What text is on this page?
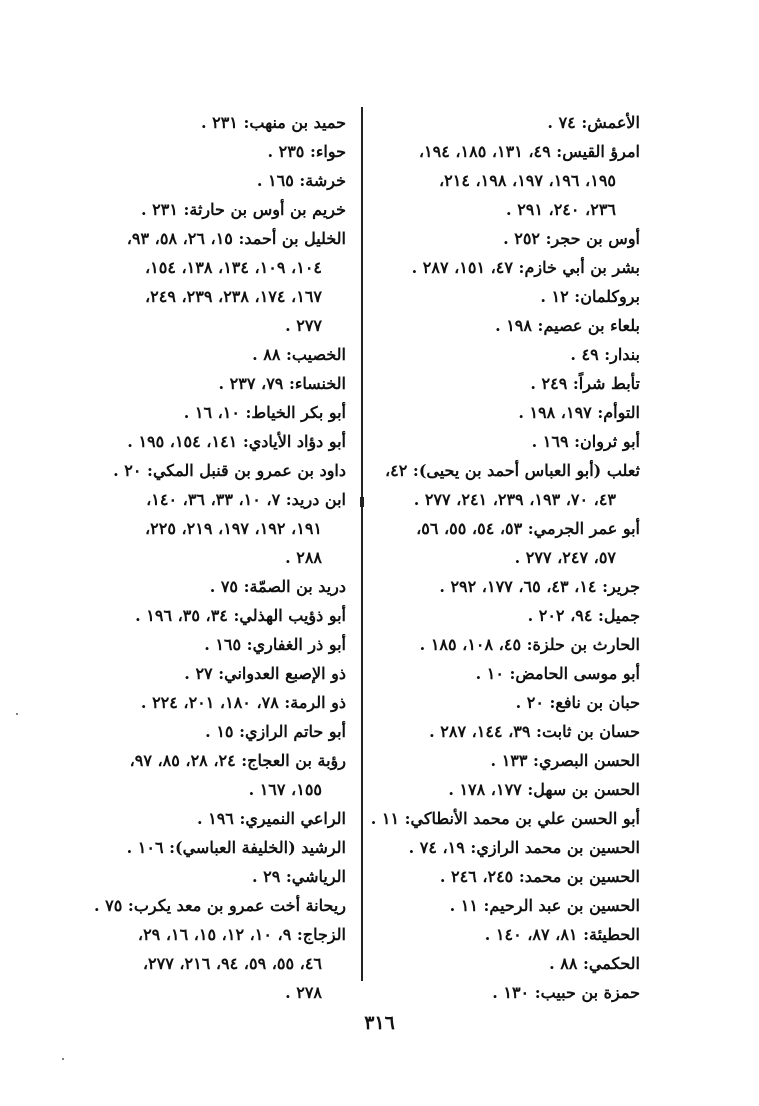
الأعمش: ٧٤ .
امرؤ القيس: ٤٩، ١٣١، ١٨٥، ١٩٤،
١٩٥، ١٩٦، ١٩٧، ١٩٨، ٢١٤،
٢٣٦، ٢٤٠، ٢٩١ .
أوس بن حجر: ٢٥٢ .
بشر بن أبي خازم: ٤٧، ١٥١، ٢٨٧ .
بروكلمان: ١٢ .
بلعاء بن عصيم: ١٩٨ .
بندار: ٤٩ .
تأبط شراً: ٢٤٩ .
التوأم: ١٩٧، ١٩٨ .
أبو ثروان: ١٦٩ .
ثعلب (أبو العباس أحمد بن يحيى): ٤٢،
٤٣، ٧٠، ١٩٣، ٢٣٩، ٢٤١، ٢٧٧ .
أبو عمر الجرمي: ٥٣، ٥٤، ٥٥، ٥٦،
٥٧، ٢٤٧، ٢٧٧ .
جرير: ١٤، ٤٣، ٦٥، ١٧٧، ٢٩٢ .
جميل: ٩٤، ٢٠٢ .
الحارث بن حلزة: ٤٥، ١٠٨، ١٨٥ .
أبو موسى الحامض: ١٠ .
حبان بن نافع: ٢٠ .
حسان بن ثابت: ٣٩، ١٤٤، ٢٨٧ .
الحسن البصري: ١٣٣ .
الحسن بن سهل: ١٧٧، ١٧٨ .
أبو الحسن علي بن محمد الأنطاكي: ١١ .
الحسين بن محمد الرازي: ١٩، ٧٤ .
الحسين بن محمد: ٢٤٥، ٢٤٦ .
الحسين بن عبد الرحيم: ١١ .
الحطيئة: ٨١، ٨٧، ١٤٠ .
الحكمي: ٨٨ .
حمزة بن حبيب: ١٣٠ .
حميد بن منهب: ٢٣١ .
حواء: ٢٣٥ .
خرشة: ١٦٥ .
خريم بن أوس بن حارثة: ٢٣١ .
الخليل بن أحمد: ١٥، ٢٦، ٥٨، ٩٣،
١٠٤، ١٠٩، ١٣٤، ١٣٨، ١٥٤،
١٦٧، ١٧٤، ٢٣٨، ٢٣٩، ٢٤٩،
٢٧٧ .
الخصيب: ٨٨ .
الخنساء: ٧٩، ٢٣٧ .
أبو بكر الخياط: ١٠، ١٦ .
أبو دؤاد الأيادي: ١٤١، ١٥٤، ١٩٥ .
داود بن عمرو بن قنبل المكي: ٢٠ .
ابن دريد: ٧، ١٠، ٣٣، ٣٦، ١٤٠،
١٩١، ١٩٢، ١٩٧، ٢١٩، ٢٢٥،
٢٨٨ .
دريد بن الصمّة: ٧٥ .
أبو ذؤيب الهذلي: ٣٤، ٣٥، ١٩٦ .
أبو ذر الغفاري: ١٦٥ .
ذو الإصبع العدواني: ٢٧ .
ذو الرمة: ٧٨، ١٨٠، ٢٠١، ٢٢٤ .
أبو حاتم الرازي: ١٥ .
رؤبة بن العجاج: ٢٤، ٢٨، ٨٥، ٩٧،
١٥٥، ١٦٧ .
الراعي النميري: ١٩٦ .
الرشيد (الخليفة العباسي): ١٠٦ .
الرياشي: ٢٩ .
ريحانة أخت عمرو بن معد يكرب: ٧٥ .
الزجاج: ٩، ١٠، ١٢، ١٥، ١٦، ٢٩،
٤٦، ٥٥، ٥٩، ٩٤، ٢١٦، ٢٧٧،
٢٧٨ .
٣١٦
